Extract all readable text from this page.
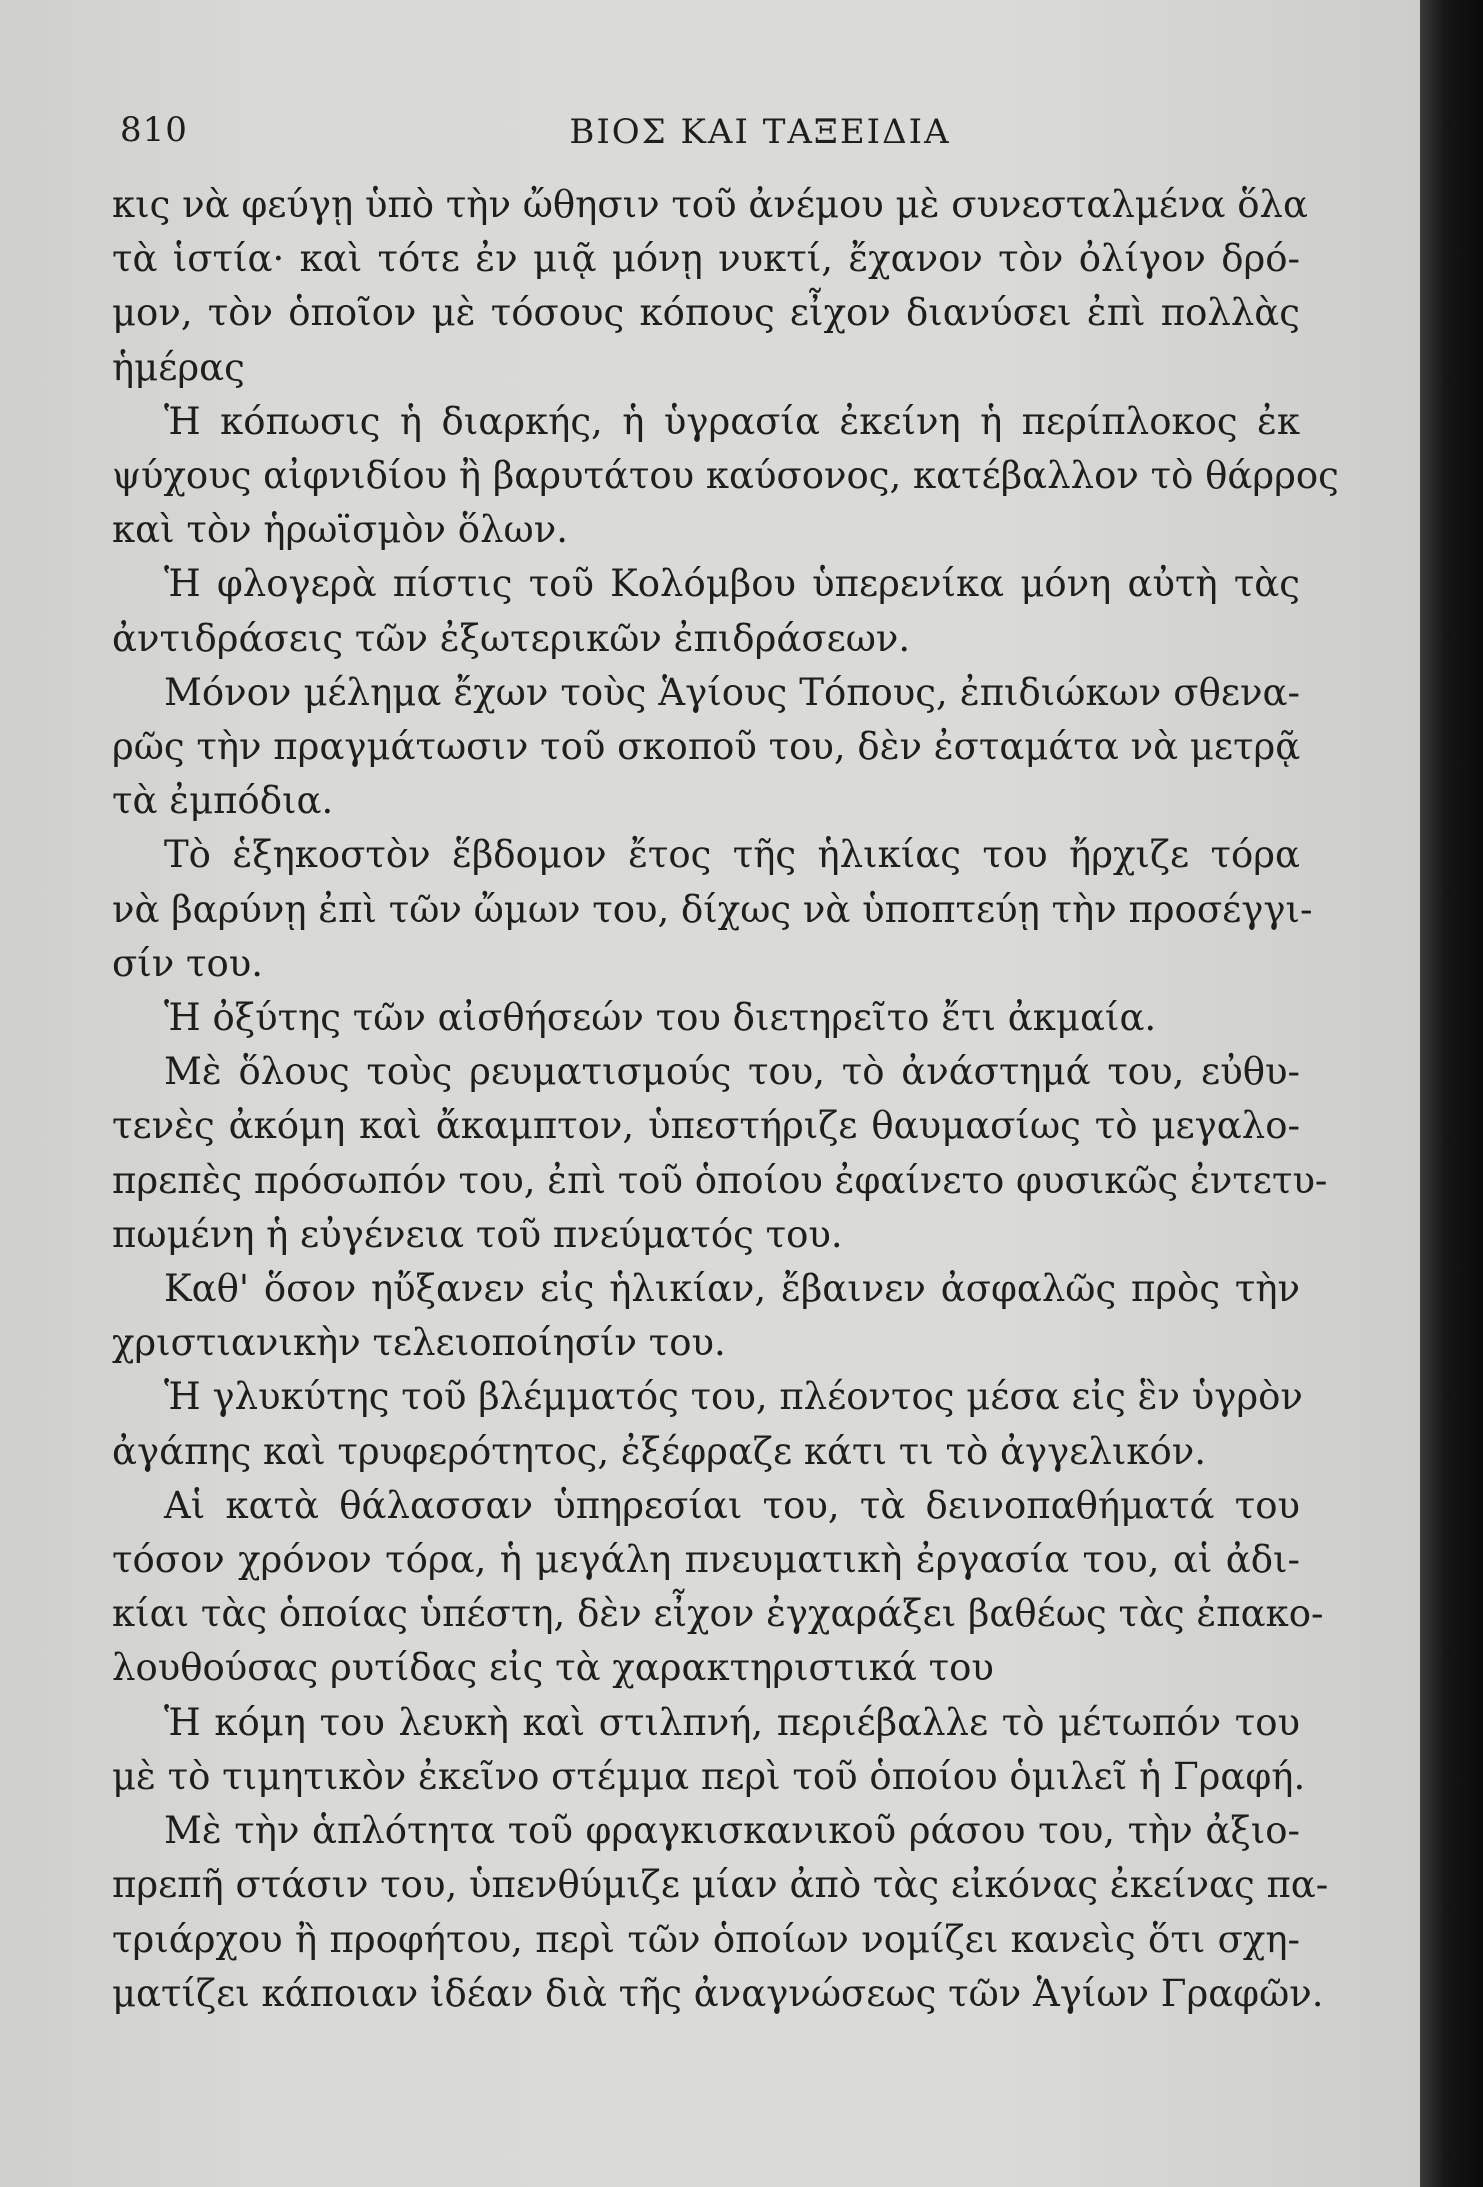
810	ΒΙΟΣ ΚΑΙ ΤΑΞΕΙΔΙΑ
κις νὰ φεύγῃ ὑπὸ τὴν ὤθησιν τοῦ ἀνέμου μὲ συνεσταλμένα ὅλα
τὰ ἱστία· καὶ τότε ἐν μιᾷ μόνῃ νυκτί, ἔχανον τὸν ὀλίγον δρό-
μον, τὸν ὁποῖον μὲ τόσους κόπους εἶχον διανύσει ἐπὶ πολλὰς
ἡμέρας
Ἡ κόπωσις ἡ διαρκής, ἡ ὑγρασία ἐκείνη ἡ περίπλοκος ἐκ
ψύχους αἰφνιδίου ἢ βαρυτάτου καύσονος, κατέβαλλον τὸ θάρρος
καὶ τὸν ἡρωϊσμὸν ὅλων.
Ἡ φλογερὰ πίστις τοῦ Κολόμβου ὑπερενίκα μόνη αὐτὴ τὰς
ἀντιδράσεις τῶν ἐξωτερικῶν ἐπιδράσεων.
Μόνον μέλημα ἔχων τοὺς Ἁγίους Τόπους, ἐπιδιώκων σθενα-
ρῶς τὴν πραγμάτωσιν τοῦ σκοποῦ του, δὲν ἐσταμάτα νὰ μετρᾷ
τὰ ἐμπόδια.
Τὸ ἑξηκοστὸν ἕβδομον ἔτος τῆς ἡλικίας του ἤρχιζε τόρα
νὰ βαρύνῃ ἐπὶ τῶν ὤμων του, δίχως νὰ ὑποπτεύῃ τὴν προσέγγι-
σίν του.
Ἡ ὀξύτης τῶν αἰσθήσεών του διετηρεῖτο ἔτι ἀκμαία.
Μὲ ὅλους τοὺς ρευματισμούς του, τὸ ἀνάστημά του, εὐθυ-
τενὲς ἀκόμη καὶ ἄκαμπτον, ὑπεστήριζε θαυμασίως τὸ μεγαλο-
πρεπὲς πρόσωπόν του, ἐπὶ τοῦ ὁποίου ἐφαίνετο φυσικῶς ἐντετυ-
πωμένη ἡ εὐγένεια τοῦ πνεύματός του.
Καθ' ὅσον ηὔξανεν εἰς ἡλικίαν, ἔβαινεν ἀσφαλῶς πρὸς τὴν
χριστιανικὴν τελειοποίησίν του.
Ἡ γλυκύτης τοῦ βλέμματός του, πλέοντος μέσα εἰς ἓν ὑγρὸν
ἀγάπης καὶ τρυφερότητος, ἐξέφραζε κάτι τι τὸ ἀγγελικόν.
Αἱ κατὰ θάλασσαν ὑπηρεσίαι του, τὰ δεινοπαθήματά του
τόσον χρόνον τόρα, ἡ μεγάλη πνευματικὴ ἐργασία του, αἱ ἀδι-
κίαι τὰς ὁποίας ὑπέστη, δὲν εἶχον ἐγχαράξει βαθέως τὰς ἐπακο-
λουθούσας ρυτίδας εἰς τὰ χαρακτηριστικά του
Ἡ κόμη του λευκὴ καὶ στιλπνή, περιέβαλλε τὸ μέτωπόν του
μὲ τὸ τιμητικὸν ἐκεῖνο στέμμα περὶ τοῦ ὁποίου ὁμιλεῖ ἡ Γραφή.
Μὲ τὴν ἁπλότητα τοῦ φραγκισκανικοῦ ράσου του, τὴν ἀξιο-
πρεπῆ στάσιν του, ὑπενθύμιζε μίαν ἀπὸ τὰς εἰκόνας ἐκείνας πα-
τριάρχου ἢ προφήτου, περὶ τῶν ὁποίων νομίζει κανεὶς ὅτι σχη-
ματίζει κάποιαν ἰδέαν διὰ τῆς ἀναγνώσεως τῶν Ἁγίων Γραφῶν.
